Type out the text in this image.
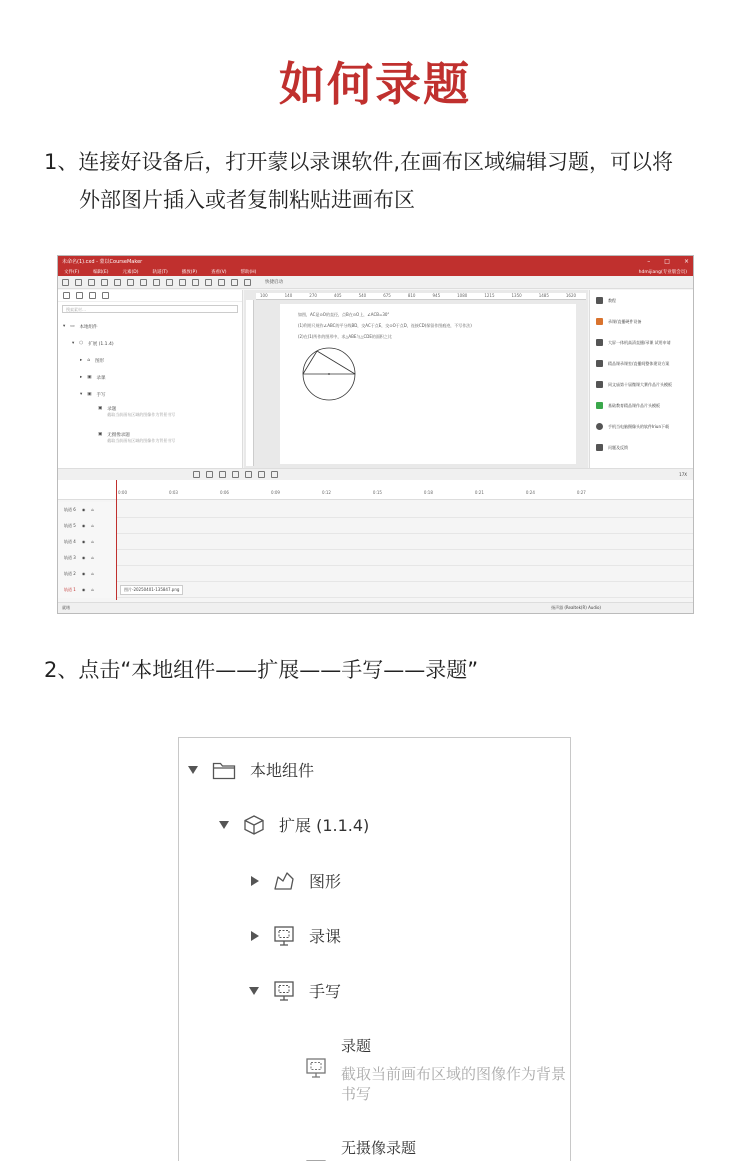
如何录题
1、连接好设备后，打开蒙以录课软件,在画布区域编辑习题，可以将
外部图片插入或者复制粘贴进画布区
未命名(1).cxd - 蒙以CourseMaker	– □ ×
文件(F)	编辑(E)	元素(D)	轨道(T)	播放(P)	查看(V)	帮助(H)	hdmijiang(专业版会员)
快捷启动
搜索素材…
▾ ▭ 本地组件
▾ ⬡ 扩展 (1.1.4)
▸ ⌂ 图形
▸ ▣ 录课
▾ ▣ 手写
▣ 录题
截取当前画布区域的图像作为背景书写
▣ 无摄像录题
截取当前画布区域的图像作为背景书写
100	140	270	405	540	675	810	945	1080	1215	1350	1485	1620
如图，AC是⊙O的直径，点B在⊙O上，∠ACB=30°
(1)利用尺规作∠ABC的平分线BD，交AC于点E，交⊙O于点D，连接CD(保留作图痕迹，不写作法)
(2)在(1)所作的图形中，求△ABE与△CDE的面积之比
教程
录课/直播硬件设备
大屏一体机高清直播/录课 试用申请
精品课录课室/直播间整体建设方案
同文庙第十届微课大赛作品片头模板
基础教育精品课作品片头模板
手机当电脑摄像头的软件Iriun下载
问题及反馈
17X
0:00	0:03	0:06	0:09	0:12	0:15	0:18	0:21	0:24	0:27
轨道 6 ◉ ⌂
轨道 5 ◉ ⌂
轨道 4 ◉ ⌂
轨道 3 ◉ ⌂
轨道 2 ◉ ⌂
轨道 1 ◉ ⌂	图片-20250401-135847.png
就绪	扬声器 (Realtek(R) Audio)
2、点击“本地组件——扩展——手写——录题”
本地组件
扩展 (1.1.4)
图形
录课
手写
录题
截取当前画布区域的图像作为背景书写
无摄像录题
